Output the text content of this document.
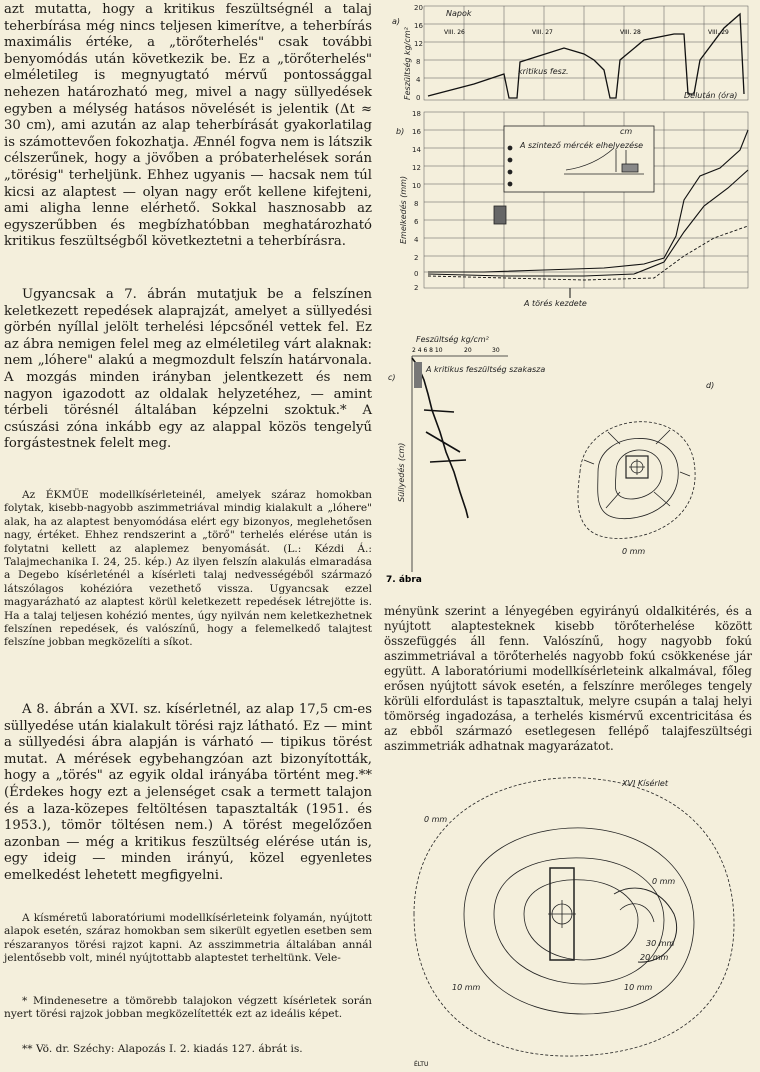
azt mutatta, hogy a kritikus feszültségnél a talaj teherbírása még nincs teljesen kimerítve, a teherbírás maximális értéke, a „törőterhelés" csak további benyomódás után következik be. Ez a „törőterhelés" elméletileg is megnyugtató mérvű pontossággal nehezen határozható meg, mivel a nagy süllyedések egyben a mélység hatásos növelését is jelentik (Δt ≈ 30 cm), ami azután az alap teherbírását gyakorlatilag is számottevően fokozhatja. Ænnél fogva nem is látszik célszerűnek, hogy a jövőben a próbaterhelések során „törésig" terheljünk. Ehhez ugyanis — hacsak nem túl kicsi az alaptest — olyan nagy erőt kellene kifejteni, ami aligha lenne elérhető. Sokkal hasznosabb az egyszerűbben és megbízhatóbban meghatározható kritikus feszültségből következtetni a teherbírásra.

Ugyancsak a 7. ábrán mutatjuk be a felszínen keletkezett repedések alaprajzát, amelyet a süllyedési görbén nyíllal jelölt terhelési lépcsőnél vettek fel. Ez az ábra nemigen felel meg az elméletileg várt alaknak: nem „lóhere" alakú a megmozdult felszín határvonala. A mozgás minden irányban jelentkezett és nem nagyon igazodott az oldalak helyzetéhez, — amint térbeli törésnél általában képzelni szoktuk.* A csúszási zóna inkább egy az alappal közös tengelyű forgástestnek felelt meg.

Az ÉKMÜE modellkísérleteinél, amelyek száraz homokban folytak, kisebb-nagyobb aszimmetriával mindig kialakult a „lóhere" alak, ha az alaptest benyomódása elért egy bizonyos, meglehetősen nagy, értéket. Ehhez rendszerint a „törő" terhelés elérése után is folytatni kellett az alaplemez benyomását. (L.: Kézdi Á.: Talajmechanika I. 24, 25. kép.) Az ilyen felszín alakulás elmaradása a Degebo kísérleténél a kísérleti talaj nedvességéből származó látszólagos kohézióra vezethető vissza. Ugyancsak ezzel magyarázható az alaptest körül keletkezett repedések létrejötte is. Ha a talaj teljesen kohézió mentes, úgy nyilván nem keletkezhetnek felszínen repedések, és valószínű, hogy a felemelkedő talajtest felszíne jobban megközelíti a síkot.

A 8. ábrán a XVI. sz. kísérletnél, az alap 17,5 cm-es süllyedése után kialakult törési rajz látható. Ez — mint a süllyedési ábra alapján is várható — tipikus törést mutat. A mérések egybehangzóan azt bizonyították, hogy a „törés" az egyik oldal irányába történt meg.** (Érdekes hogy ezt a jelenséget csak a termett talajon és a laza-közepes feltöltésen tapasztalták (1951. és 1953.), tömör töltésen nem.) A törést megelőzően azonban — még a kritikus feszültség elérése után is, egy ideig — minden irányú, közel egyenletes emelkedést lehetett megfigyelni.

A kísméretű laboratóriumi modellkísérleteink folyamán, nyújtott alapok esetén, száraz homokban sem sikerült egyetlen esetben sem részaranyos törési rajzot kapni. Az asszimmetria általában annál jelentősebb volt, minél nyújtottabb alaptestet terheltünk. Vele-

* Mindenesetre a tömörebb talajokon végzett kísérletek során nyert törési rajzok jobban megközelítették ezt az ideális képet.

** Vö. dr. Széchy: Alapozás I. 2. kiadás 127. ábrát is.

a)
Feszültség kg/cm²
20
16
12
8
4
0
Napok
VIII. 26	VIII. 27	VIII. 28	VIII. 29
kritikus fesz.
Délután (óra)
b)
Emelkedés (mm)
18
16
14
12
10
8
6
4
2
0
2
A szintező mércék elhelyezése
cm
A törés kezdete
c)
Feszültség kg/cm²
2 4 6 8 10	20	30
Süllyedés (cm)
A kritikus feszültség szakasza
7. ábra
d)
0 mm

ményünk szerint a lényegében egyirányú oldalkitérés, és a nyújtott alaptesteknek kisebb törőterhelése között összefüggés áll fenn. Valószínű, hogy nagyobb fokú aszimmetriával a törőterhelés nagyobb fokú csökkenése jár együtt. A laboratóriumi modellkísérleteink alkalmával, főleg erősen nyújtott sávok esetén, a felszínre merőleges tengely körüli elfordulást is tapasztaltuk, melyre csupán a talaj helyi tömörség ingadozása, a terhelés kismérvű excentricitása és az ebből származó esetlegesen fellépő talajfeszültségi aszimmetriák adhatnak magyarázatot.

XVI Kísérlet
0 mm
0 mm
10 mm	10 mm
20 mm
30 mm
ÉLTU
